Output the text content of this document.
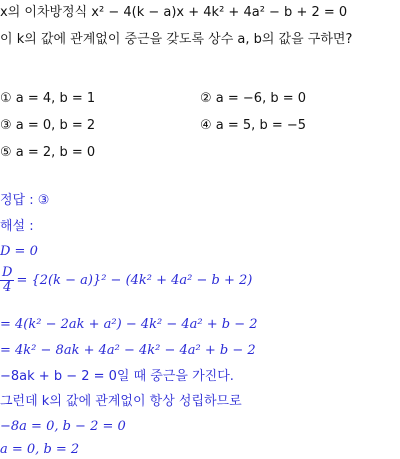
x의 이차방정식 x² − 4(k − a)x + 4k² + 4a² − b + 2 = 0
이 k의 값에 관계없이 중근을 갖도록 상수 a, b의 값을 구하면?
① a = 4, b = 1	② a = −6, b = 0
③ a = 0, b = 2	④ a = 5, b = −5
⑤ a = 2, b = 0
정답 : ③
해설 :
D = 0
$\frac{D}{4} = \{2(k - a)\}^2 - (4k^2 + 4a^2 - b + 2)$
= 4(k² − 2ak + a²) − 4k² − 4a² + b − 2
= 4k² − 8ak + 4a² − 4k² − 4a² + b − 2
−8ak + b − 2 = 0일 때 중근을 가진다.
그런데 k의 값에 관계없이 항상 성립하므로
−8a = 0, b − 2 = 0
a = 0, b = 2
